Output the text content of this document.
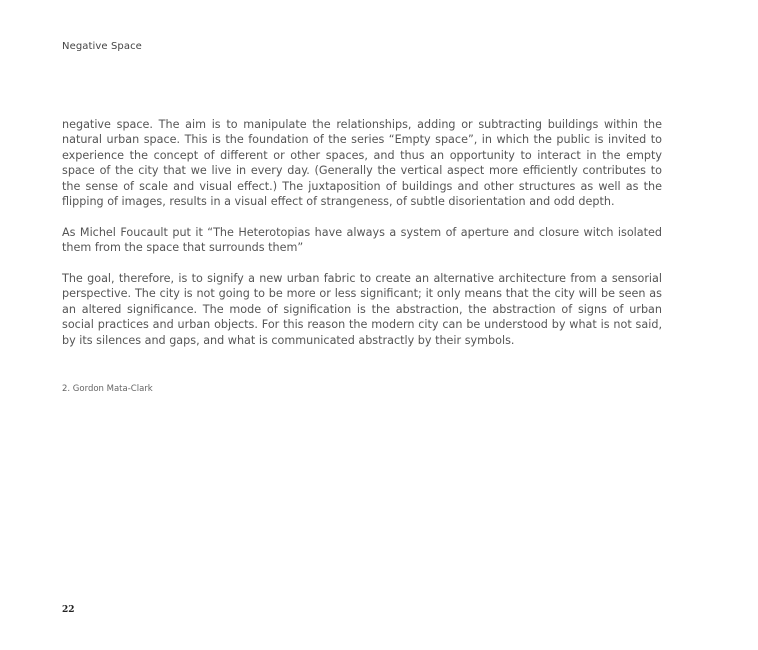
Negative Space

negative space. The aim is to manipulate the relationships, adding or subtracting buildings within the natural urban space. This is the foundation of the series “Empty space”, in which the public is invited to experience the concept of different or other spaces, and thus an opportunity to interact in the empty space of the city that we live in every day. (Generally the vertical aspect more efficiently contributes to the sense of scale and visual effect.) The juxtaposition of buildings and other structures as well as the flipping of images, results in a visual effect of strangeness, of subtle disorientation and odd depth.

As Michel Foucault put it “The Heterotopias have always a system of aperture and closure witch isolated them from the space that surrounds them”

The goal, therefore, is to signify a new urban fabric to create an alternative architecture from a sensorial perspective. The city is not going to be more or less significant; it only means that the city will be seen as an altered significance. The mode of signification is the abstraction, the abstraction of signs of urban social practices and urban objects. For this reason the modern city can be understood by what is not said, by its silences and gaps, and what is communicated abstractly by their symbols.

2. Gordon Mata-Clark
22
